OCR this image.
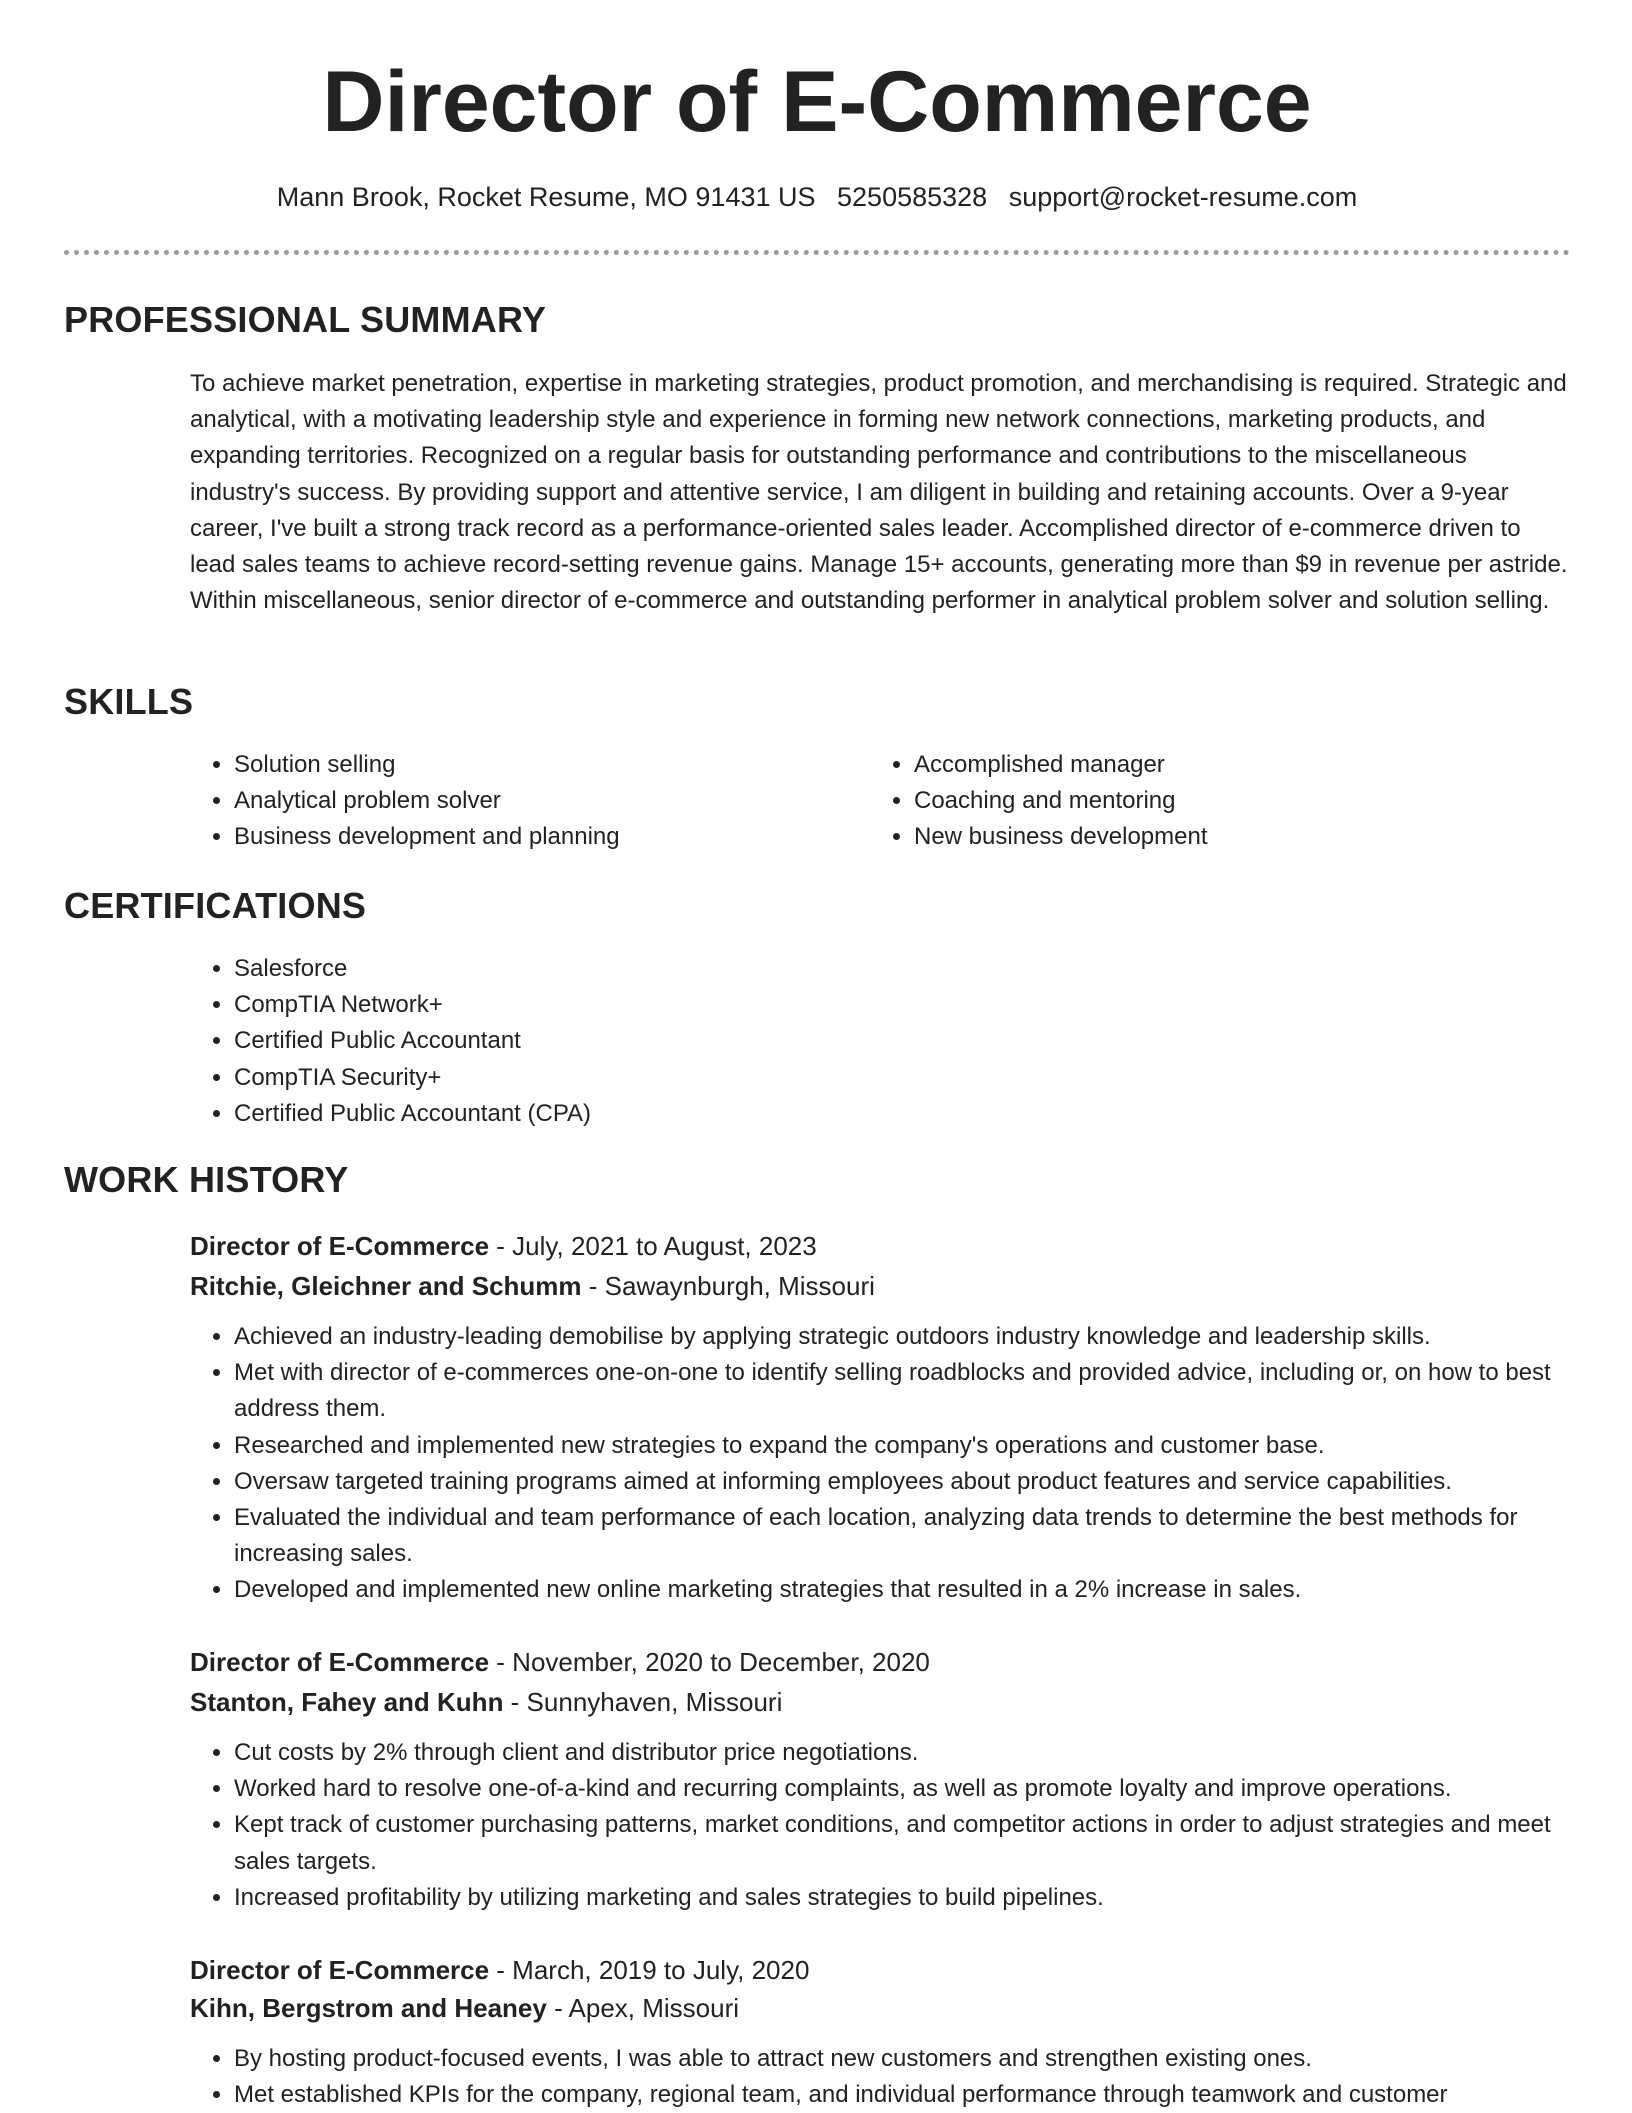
Director of E-Commerce
Mann Brook, Rocket Resume, MO 91431 US 5250585328 support@rocket-resume.com
PROFESSIONAL SUMMARY

To achieve market penetration, expertise in marketing strategies, product promotion, and merchandising is required. Strategic and analytical, with a motivating leadership style and experience in forming new network connections, marketing products, and expanding territories. Recognized on a regular basis for outstanding performance and contributions to the miscellaneous industry's success. By providing support and attentive service, I am diligent in building and retaining accounts. Over a 9-year career, I've built a strong track record as a performance-oriented sales leader. Accomplished director of e-commerce driven to lead sales teams to achieve record-setting revenue gains. Manage 15+ accounts, generating more than $9 in revenue per astride. Within miscellaneous, senior director of e-commerce and outstanding performer in analytical problem solver and solution selling.

SKILLS
• Solution selling
• Analytical problem solver
• Business development and planning
• Accomplished manager
• Coaching and mentoring
• New business development
CERTIFICATIONS
• Salesforce
• CompTIA Network+
• Certified Public Accountant
• CompTIA Security+
• Certified Public Accountant (CPA)
WORK HISTORY
Director of E-Commerce - July, 2021 to August, 2023
Ritchie, Gleichner and Schumm - Sawaynburgh, Missouri
• Achieved an industry-leading demobilise by applying strategic outdoors industry knowledge and leadership skills.
• Met with director of e-commerces one-on-one to identify selling roadblocks and provided advice, including or, on how to best address them.
• Researched and implemented new strategies to expand the company's operations and customer base.
• Oversaw targeted training programs aimed at informing employees about product features and service capabilities.
• Evaluated the individual and team performance of each location, analyzing data trends to determine the best methods for increasing sales.
• Developed and implemented new online marketing strategies that resulted in a 2% increase in sales.
Director of E-Commerce - November, 2020 to December, 2020
Stanton, Fahey and Kuhn - Sunnyhaven, Missouri
• Cut costs by 2% through client and distributor price negotiations.
• Worked hard to resolve one-of-a-kind and recurring complaints, as well as promote loyalty and improve operations.
• Kept track of customer purchasing patterns, market conditions, and competitor actions in order to adjust strategies and meet sales targets.
• Increased profitability by utilizing marketing and sales strategies to build pipelines.
Director of E-Commerce - March, 2019 to July, 2020
Kihn, Bergstrom and Heaney - Apex, Missouri
• By hosting product-focused events, I was able to attract new customers and strengthen existing ones.
• Met established KPIs for the company, regional team, and individual performance through teamwork and customer
